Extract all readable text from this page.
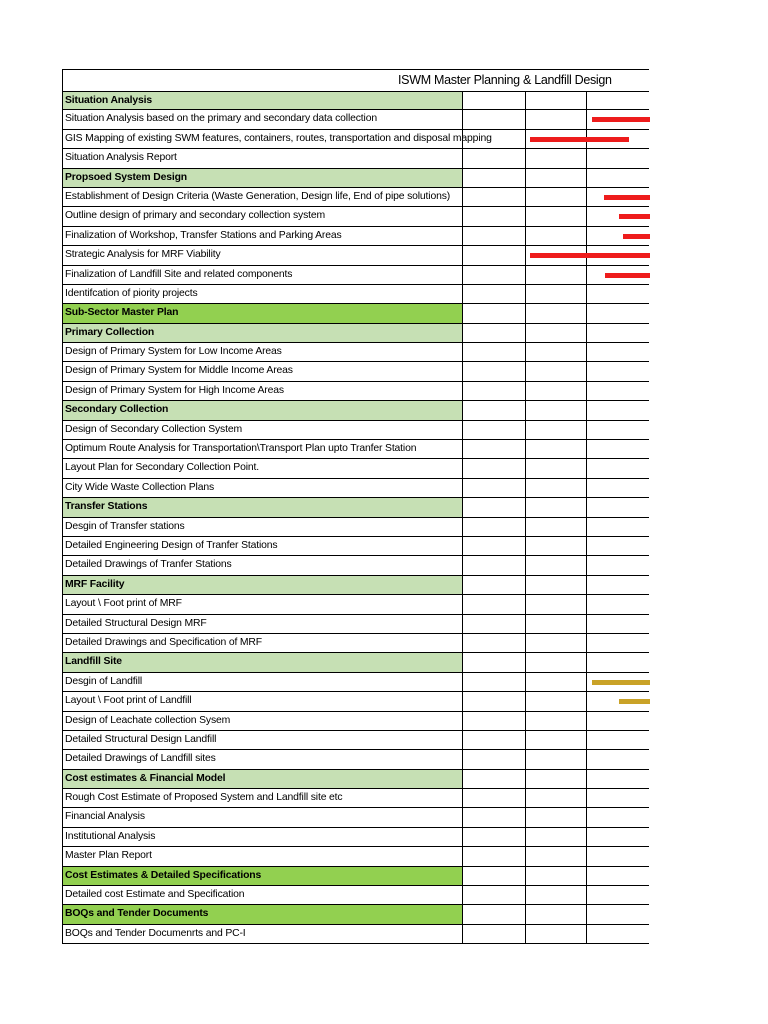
ISWM Master Planning & Landfill Design
Situation Analysis
Situation Analysis based on the primary and secondary data collection
GIS Mapping of existing SWM features, containers, routes, transportation and disposal mapping
Situation Analysis Report
Propsoed System Design
Establishment of Design Criteria (Waste Generation, Design life, End of pipe solutions)
Outline design of primary and secondary collection system
Finalization of Workshop, Transfer Stations and Parking Areas
Strategic Analysis for MRF Viability
Finalization of Landfill Site and related components
Identifcation of piority projects
Sub-Sector Master Plan
Primary Collection
Design of Primary System for Low Income Areas
Design of Primary System for Middle Income Areas
Design of Primary System for High Income Areas
Secondary Collection
Design of Secondary Collection System
Optimum Route Analysis for Transportation\Transport Plan upto Tranfer Station
Layout Plan for Secondary Collection Point.
City Wide Waste Collection Plans
Transfer Stations
Desgin of Transfer stations
Detailed Engineering Design of Tranfer Stations
Detailed Drawings of Tranfer Stations
MRF Facility
Layout \ Foot print of MRF
Detailed Structural Design MRF
Detailed Drawings and Specification of MRF
Landfill Site
Desgin of Landfill
Layout \ Foot print of Landfill
Design of Leachate collection Sysem
Detailed Structural Design Landfill
Detailed Drawings of Landfill sites
Cost estimates & Financial Model
Rough Cost Estimate of Proposed System and Landfill site etc
Financial Analysis
Institutional Analysis
Master Plan Report
Cost Estimates & Detailed Specifications
Detailed cost Estimate and Specification
BOQs and Tender Documents
BOQs and Tender Documenrts and PC-I
